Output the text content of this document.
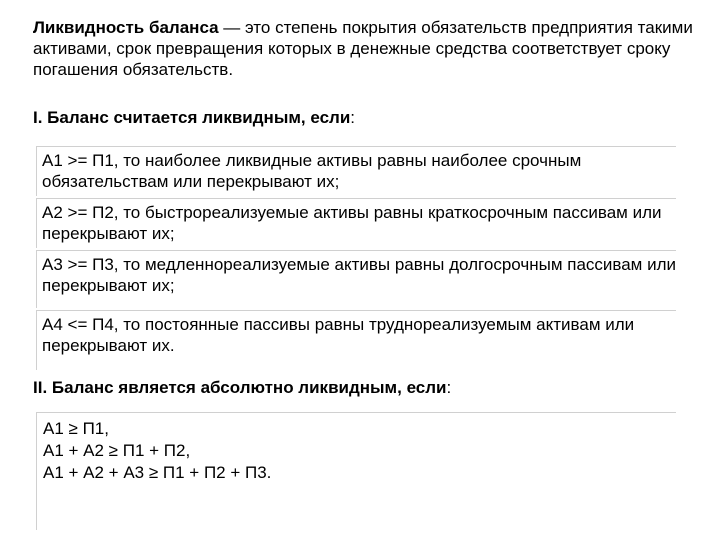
Ликвидность баланса — это степень покрытия обязательств предприятия такими активами, срок превращения которых в денежные средства соответствует сроку погашения обязательств.
I. Баланс считается ликвидным, если:
А1 >= П1, то наиболее ликвидные активы равны наиболее срочным обязательствам или перекрывают их;
А2 >= П2, то быстрореализуемые активы равны краткосрочным пассивам или перекрывают их;
А3 >= П3, то медленнореализуемые активы равны долгосрочным пассивам или перекрывают их;
А4 <= П4, то постоянные пассивы равны труднореализуемым активам или перекрывают их.
II. Баланс является абсолютно ликвидным, если:
А1 ≥ П1,
А1 + А2 ≥ П1 + П2,
А1 + А2 + А3 ≥ П1 + П2 + П3.
